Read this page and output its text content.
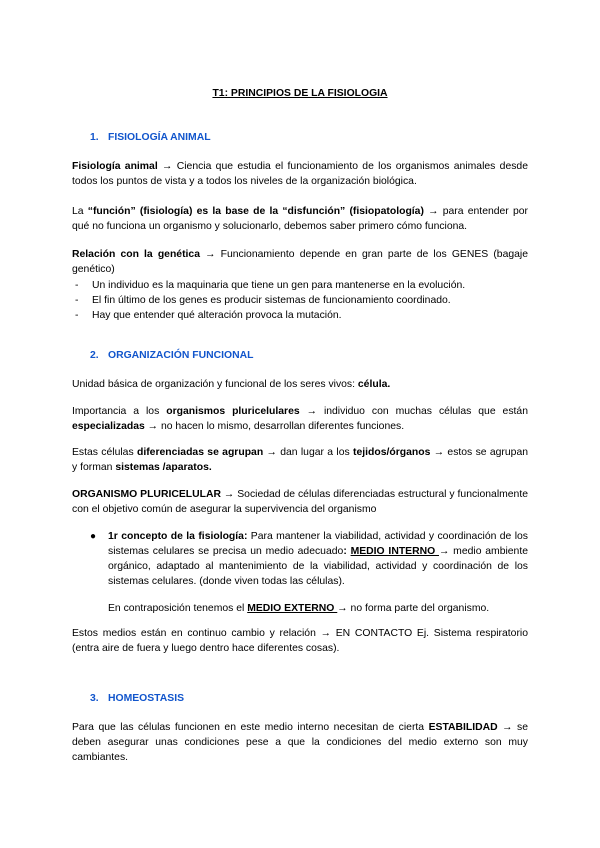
T1: PRINCIPIOS DE LA FISIOLOGIA
1. FISIOLOGÍA ANIMAL
Fisiología animal → Ciencia que estudia el funcionamiento de los organismos animales desde todos los puntos de vista y a todos los niveles de la organización biológica.
La “función” (fisiología) es la base de la “disfunción” (fisiopatología) → para entender por qué no funciona un organismo y solucionarlo, debemos saber primero cómo funciona.
Relación con la genética → Funcionamiento depende en gran parte de los GENES (bagaje genético)
- Un individuo es la maquinaria que tiene un gen para mantenerse en la evolución.
- El fin último de los genes es producir sistemas de funcionamiento coordinado.
- Hay que entender qué alteración provoca la mutación.
2. ORGANIZACIÓN FUNCIONAL
Unidad básica de organización y funcional de los seres vivos: célula.
Importancia a los organismos pluricelulares → individuo con muchas células que están especializadas → no hacen lo mismo, desarrollan diferentes funciones.
Estas células diferenciadas se agrupan → dan lugar a los tejidos/órganos → estos se agrupan y forman sistemas /aparatos.
ORGANISMO PLURICELULAR → Sociedad de células diferenciadas estructural y funcionalmente con el objetivo común de asegurar la supervivencia del organismo
● 1r concepto de la fisiología: Para mantener la viabilidad, actividad y coordinación de los sistemas celulares se precisa un medio adecuado: MEDIO INTERNO → medio ambiente orgánico, adaptado al mantenimiento de la viabilidad, actividad y coordinación de los sistemas celulares. (donde viven todas las células).
En contraposición tenemos el MEDIO EXTERNO → no forma parte del organismo.
Estos medios están en continuo cambio y relación → EN CONTACTO Ej. Sistema respiratorio (entra aire de fuera y luego dentro hace diferentes cosas).
3. HOMEOSTASIS
Para que las células funcionen en este medio interno necesitan de cierta ESTABILIDAD → se deben asegurar unas condiciones pese a que la condiciones del medio externo son muy cambiantes.
